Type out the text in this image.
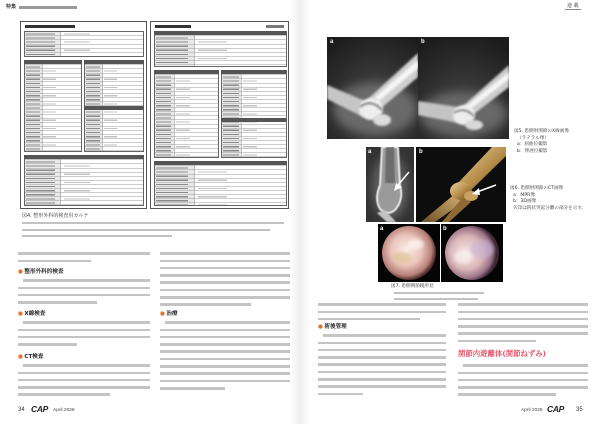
特集	連 載
図4. 整形外科的検査用カルテ
● 整形外科的検査
● X線検査
● CT検査
● 治療
a	b
図5. 患側肘関節のX線画像
（ラテラル像）
a：屈曲位撮影
b：伸展位撮影
a	b
図6. 患側肘関節のCT画像
a：MPR像
b：3D画像
矢印は鈎状突起分離の部分を示す。
a	b
図7. 患側関節鏡所見
● 術後管理
関節内遊離体(関節ねずみ)
34 CAP April 2026	April 2026 CAP 35
